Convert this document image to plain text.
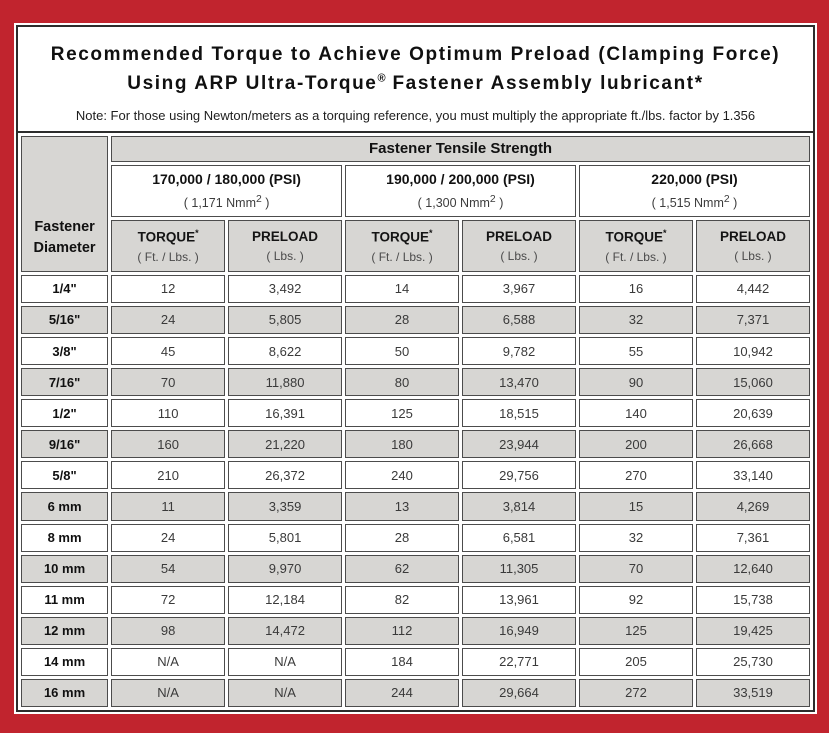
Recommended Torque to Achieve Optimum Preload (Clamping Force)
Using ARP Ultra-Torque® Fastener Assembly lubricant*
Note: For those using Newton/meters as a torquing reference, you must multiply the appropriate ft./lbs. factor by 1.356
Fastener
Diameter	Fastener Tensile Strength					

170,000 / 180,000 (PSI)
( 1,171 Nmm$^2$ )

190,000 / 200,000 (PSI)
( 1,300 Nmm$^2$ )

220,000 (PSI)
( 1,515 Nmm$^2$ )

TORQUE*
( Ft. / Lbs. )

PRELOAD
( Lbs. )

TORQUE*
( Ft. / Lbs. )

PRELOAD
( Lbs. )

TORQUE*
( Ft. / Lbs. )

PRELOAD
( Lbs. )

1/4"	12	3,492	14	3,967	16	4,442
5/16"	24	5,805	28	6,588	32	7,371
3/8"	45	8,622	50	9,782	55	10,942
7/16"	70	11,880	80	13,470	90	15,060
1/2"	110	16,391	125	18,515	140	20,639
9/16"	160	21,220	180	23,944	200	26,668
5/8"	210	26,372	240	29,756	270	33,140
6 mm	11	3,359	13	3,814	15	4,269
8 mm	24	5,801	28	6,581	32	7,361
10 mm	54	9,970	62	11,305	70	12,640
11 mm	72	12,184	82	13,961	92	15,738
12 mm	98	14,472	112	16,949	125	19,425
14 mm	N/A	N/A	184	22,771	205	25,730
16 mm	N/A	N/A	244	29,664	272	33,519
